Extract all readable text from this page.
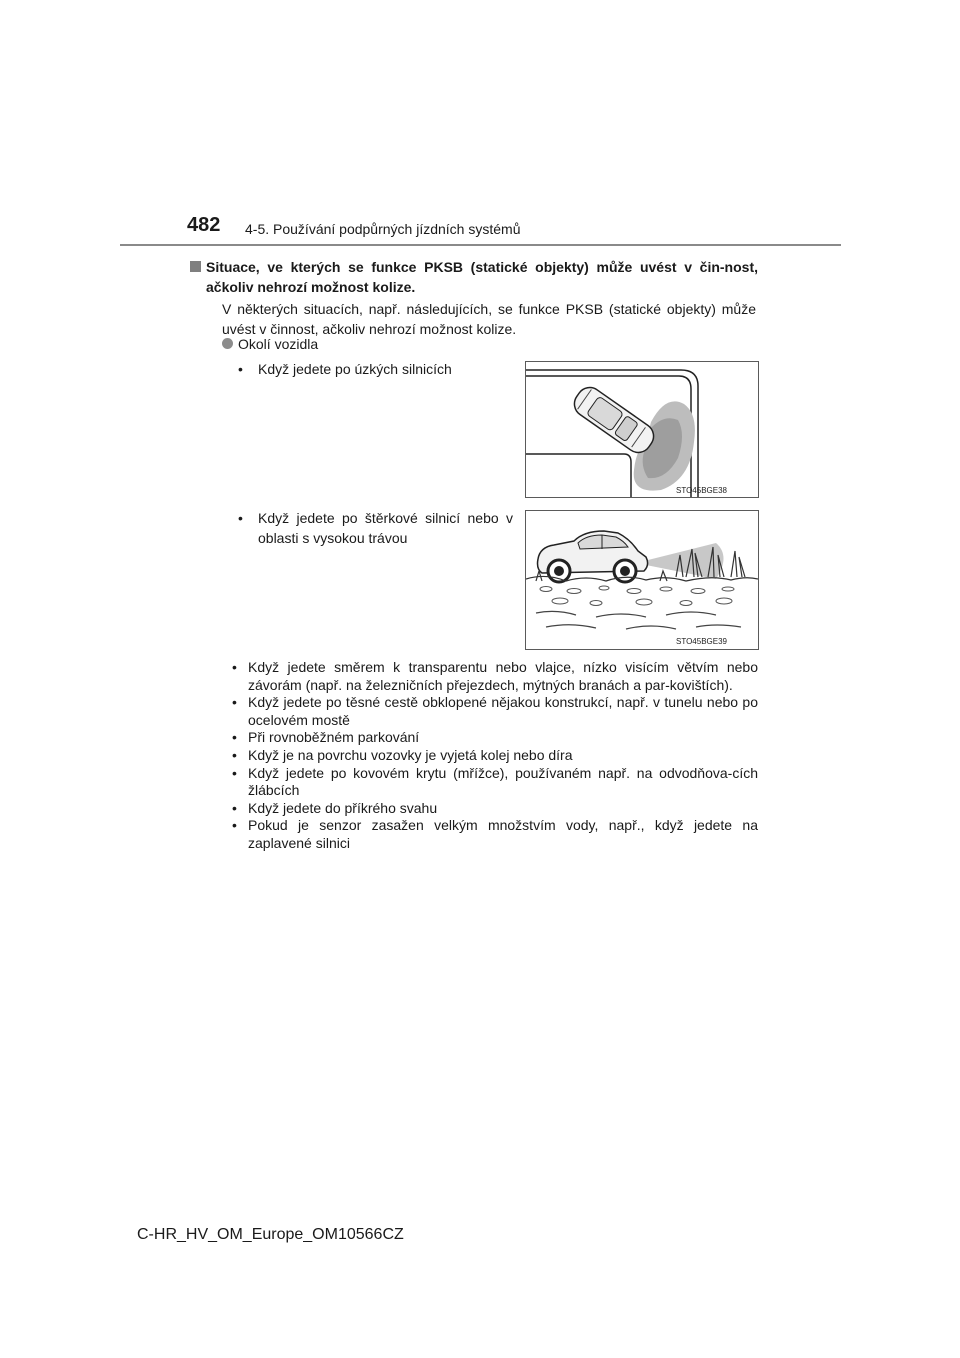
482 4-5. Používání podpůrných jízdních systémů
Situace, ve kterých se funkce PKSB (statické objekty) může uvést v čin-nost, ačkoliv nehrozí možnost kolize.
V některých situacích, např. následujících, se funkce PKSB (statické objekty) může uvést v činnost, ačkoliv nehrozí možnost kolize.
Okolí vozidla
• Když jedete po úzkých silnicích
STO45BGE38
• Když jedete po štěrkové silnicí nebo v oblasti s vysokou trávou
STO45BGE39
• Když jedete směrem k transparentu nebo vlajce, nízko visícím větvím nebo závorám (např. na železničních přejezdech, mýtných branách a par-kovištích).
• Když jedete po těsné cestě obklopené nějakou konstrukcí, např. v tunelu nebo po ocelovém mostě
• Při rovnoběžném parkování
• Když je na povrchu vozovky je vyjetá kolej nebo díra
• Když jedete po kovovém krytu (mřížce), používaném např. na odvodňova-cích žlábcích
• Když jedete do příkrého svahu
• Pokud je senzor zasažen velkým množstvím vody, např., když jedete na zaplavené silnici
C-HR_HV_OM_Europe_OM10566CZ
